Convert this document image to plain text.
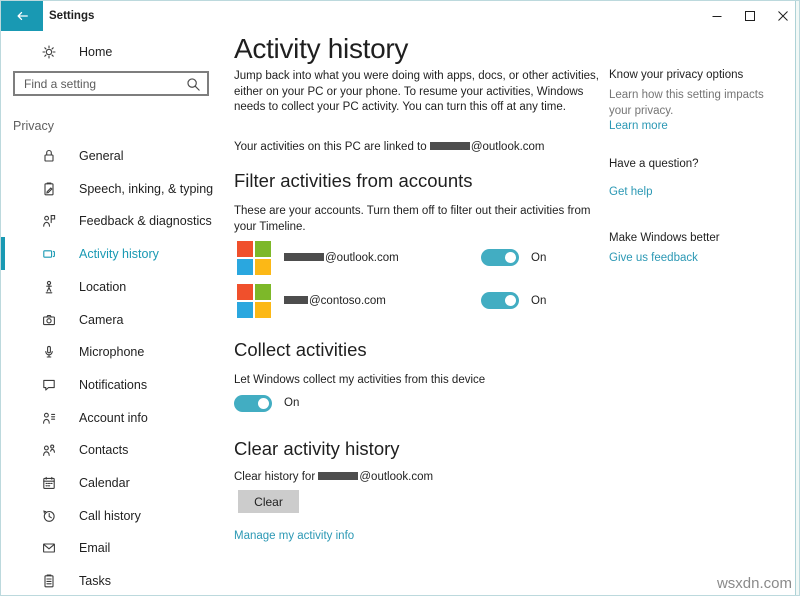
Settings
Home
Find a setting
Privacy
General
Speech, inking, & typing
Feedback & diagnostics
Activity history
Location
Camera
Microphone
Notifications
Account info
Contacts
Calendar
Call history
Email
Tasks
Activity history
Jump back into what you were doing with apps, docs, or other activities, either on your PC or your phone. To resume your activities, Windows needs to collect your PC activity. You can turn this off at any time.
Your activities on this PC are linked to	@outlook.com
Filter activities from accounts
These are your accounts. Turn them off to filter out their activities from your Timeline.
@outlook.com	On
@contoso.com	On
Collect activities
Let Windows collect my activities from this device
On
Clear activity history
Clear history for	@outlook.com
Clear
Manage my activity info
Know your privacy options
Learn how this setting impacts your privacy.
Learn more
Have a question?
Get help
Make Windows better
Give us feedback
wsxdn.com
